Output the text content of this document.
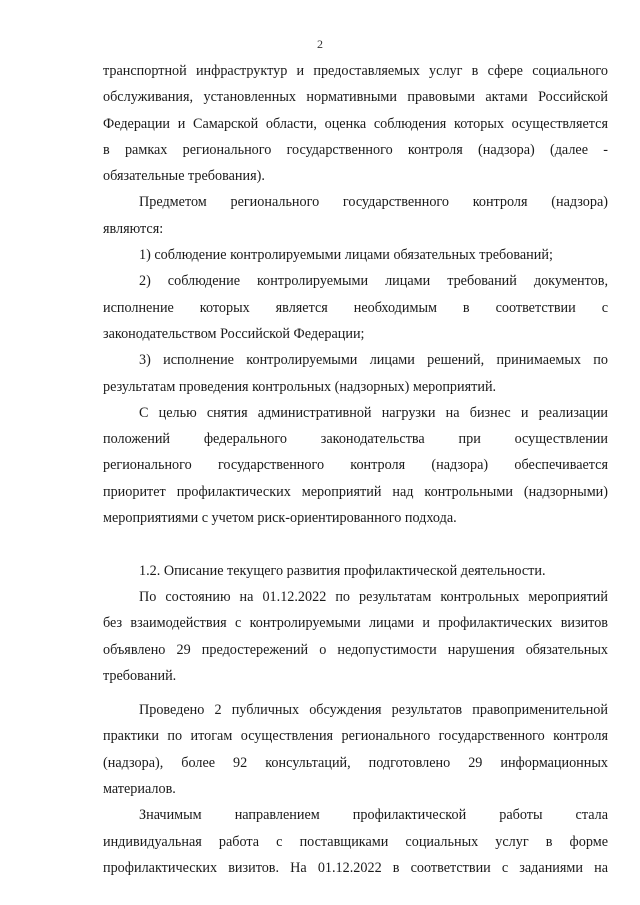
2
транспортной инфраструктур и предоставляемых услуг в сфере социального
обслуживания, установленных нормативными правовыми актами Российской
Федерации и Самарской области, оценка соблюдения которых осуществляется
в рамках регионального государственного контроля (надзора) (далее -
обязательные требования).
Предметом регионального государственного контроля (надзора)
являются:
1) соблюдение контролируемыми лицами обязательных требований;
2) соблюдение контролируемыми лицами требований документов,
исполнение которых является необходимым в соответствии с
законодательством Российской Федерации;
3) исполнение контролируемыми лицами решений, принимаемых по
результатам проведения контрольных (надзорных) мероприятий.
С целью снятия административной нагрузки на бизнес и реализации
положений федерального законодательства при осуществлении
регионального государственного контроля (надзора) обеспечивается
приоритет профилактических мероприятий над контрольными (надзорными)
мероприятиями с учетом риск-ориентированного подхода.
1.2. Описание текущего развития профилактической деятельности.
По состоянию на 01.12.2022 по результатам контрольных мероприятий
без взаимодействия с контролируемыми лицами и профилактических визитов
объявлено 29 предостережений о недопустимости нарушения обязательных
требований.
Проведено 2 публичных обсуждения результатов правоприменительной
практики по итогам осуществления регионального государственного контроля
(надзора), более 92 консультаций, подготовлено 29 информационных
материалов.
Значимым направлением профилактической работы стала
индивидуальная работа с поставщиками социальных услуг в форме
профилактических визитов. На 01.12.2022 в соответствии с заданиями на
